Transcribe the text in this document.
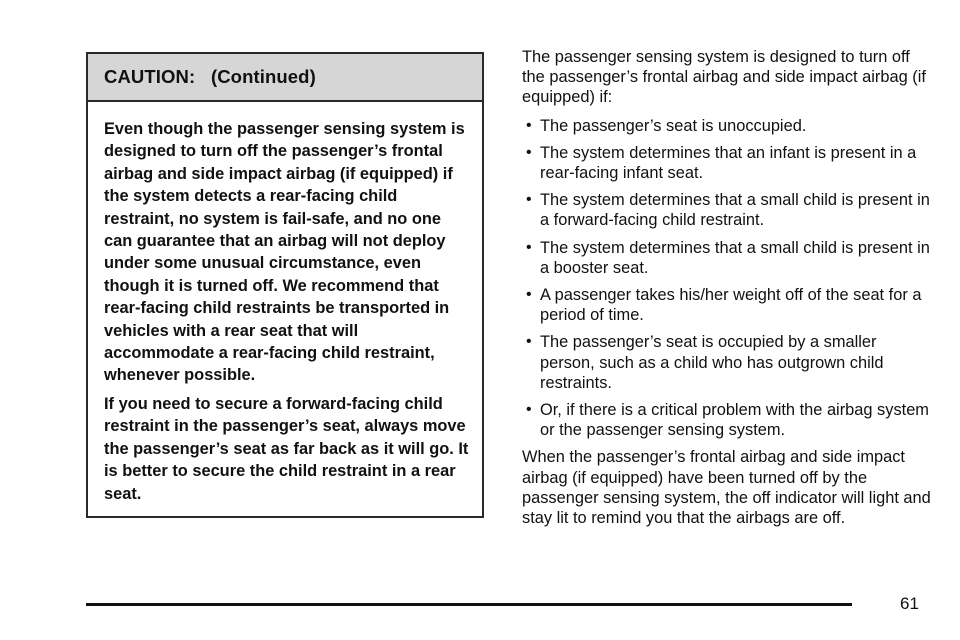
CAUTION:   (Continued)

Even though the passenger sensing system is designed to turn off the passenger’s frontal airbag and side impact airbag (if equipped) if the system detects a rear-facing child restraint, no system is fail-safe, and no one can guarantee that an airbag will not deploy under some unusual circumstance, even though it is turned off. We recommend that rear-facing child restraints be transported in vehicles with a rear seat that will accommodate a rear-facing child restraint, whenever possible.

If you need to secure a forward-facing child restraint in the passenger’s seat, always move the passenger’s seat as far back as it will go. It is better to secure the child restraint in a rear seat.

The passenger sensing system is designed to turn off the passenger’s frontal airbag and side impact airbag (if equipped) if:

• The passenger’s seat is unoccupied.
• The system determines that an infant is present in a rear-facing infant seat.
• The system determines that a small child is present in a forward-facing child restraint.
• The system determines that a small child is present in a booster seat.
• A passenger takes his/her weight off of the seat for a period of time.
• The passenger’s seat is occupied by a smaller person, such as a child who has outgrown child restraints.
• Or, if there is a critical problem with the airbag system or the passenger sensing system.

When the passenger’s frontal airbag and side impact airbag (if equipped) have been turned off by the passenger sensing system, the off indicator will light and stay lit to remind you that the airbags are off.

61
